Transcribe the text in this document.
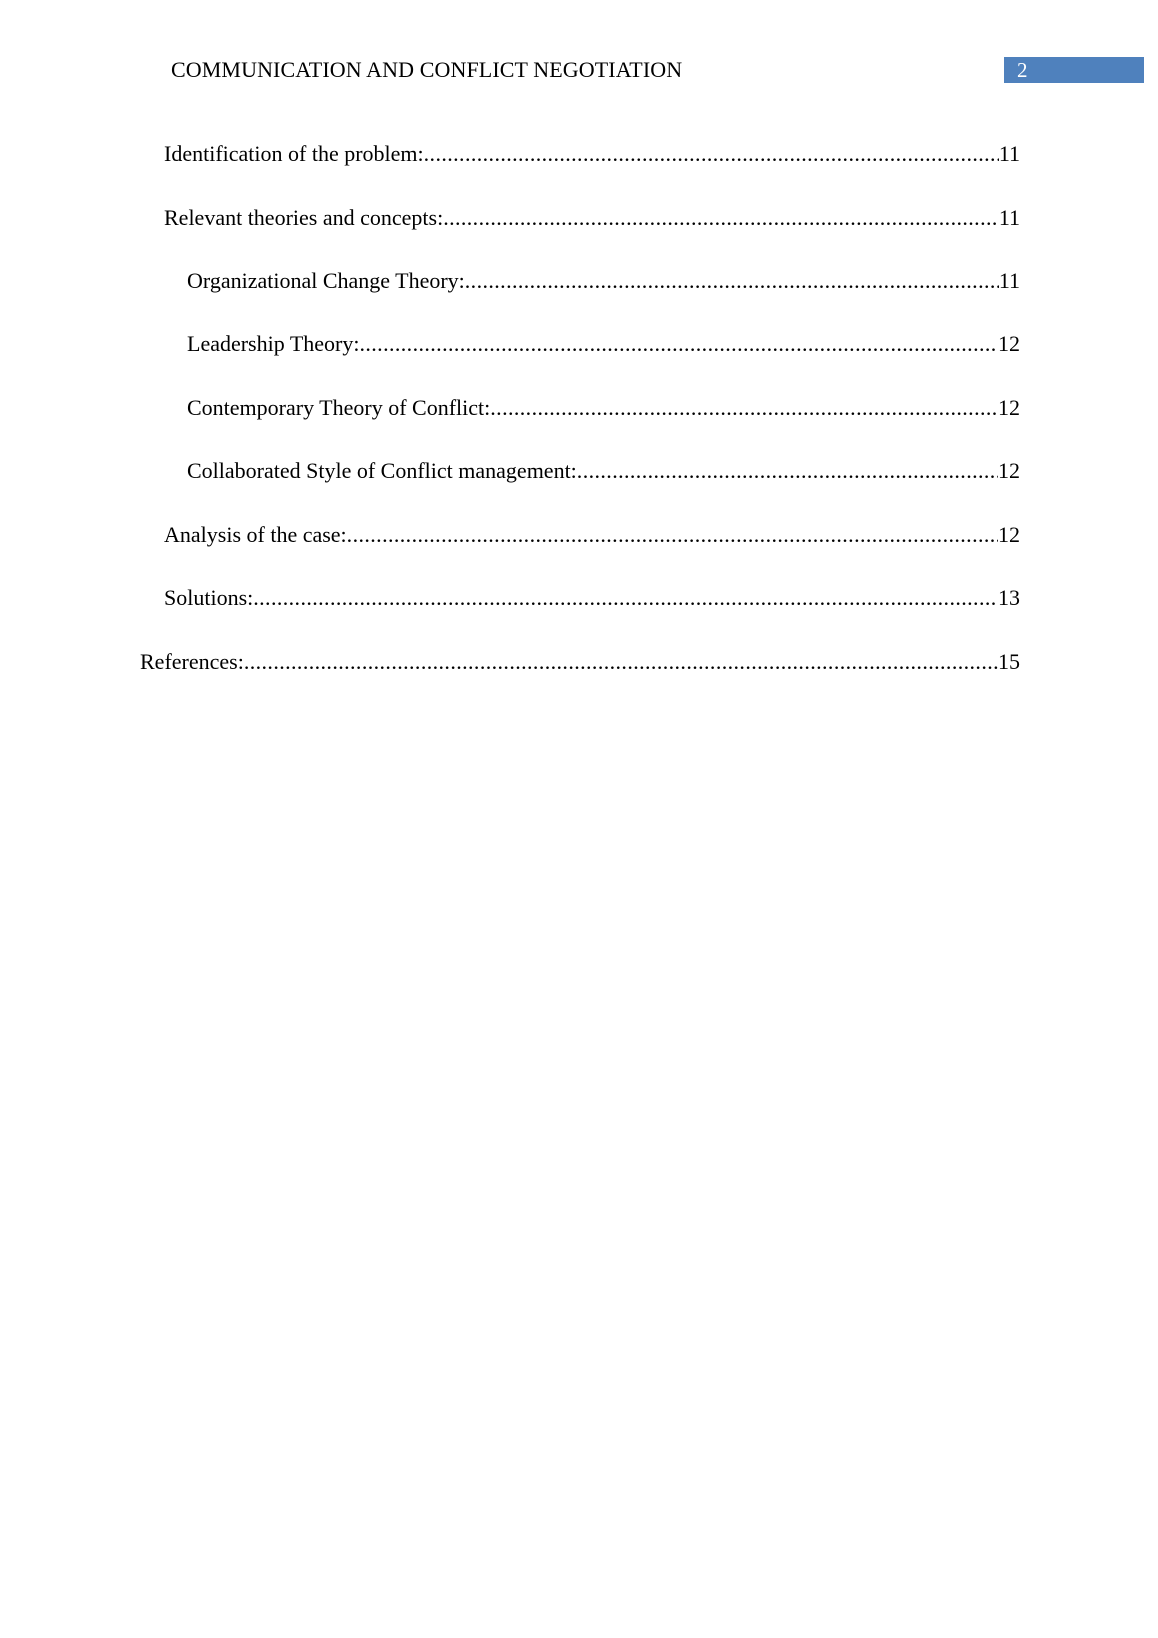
COMMUNICATION AND CONFLICT NEGOTIATION	2
Identification of the problem: .....	11
Relevant theories and concepts: .....	11
Organizational Change Theory: .....	11
Leadership Theory: .....	12
Contemporary Theory of Conflict: .....	12
Collaborated Style of Conflict management: .....	12
Analysis of the case: .....	12
Solutions: .....	13
References: .....	15
